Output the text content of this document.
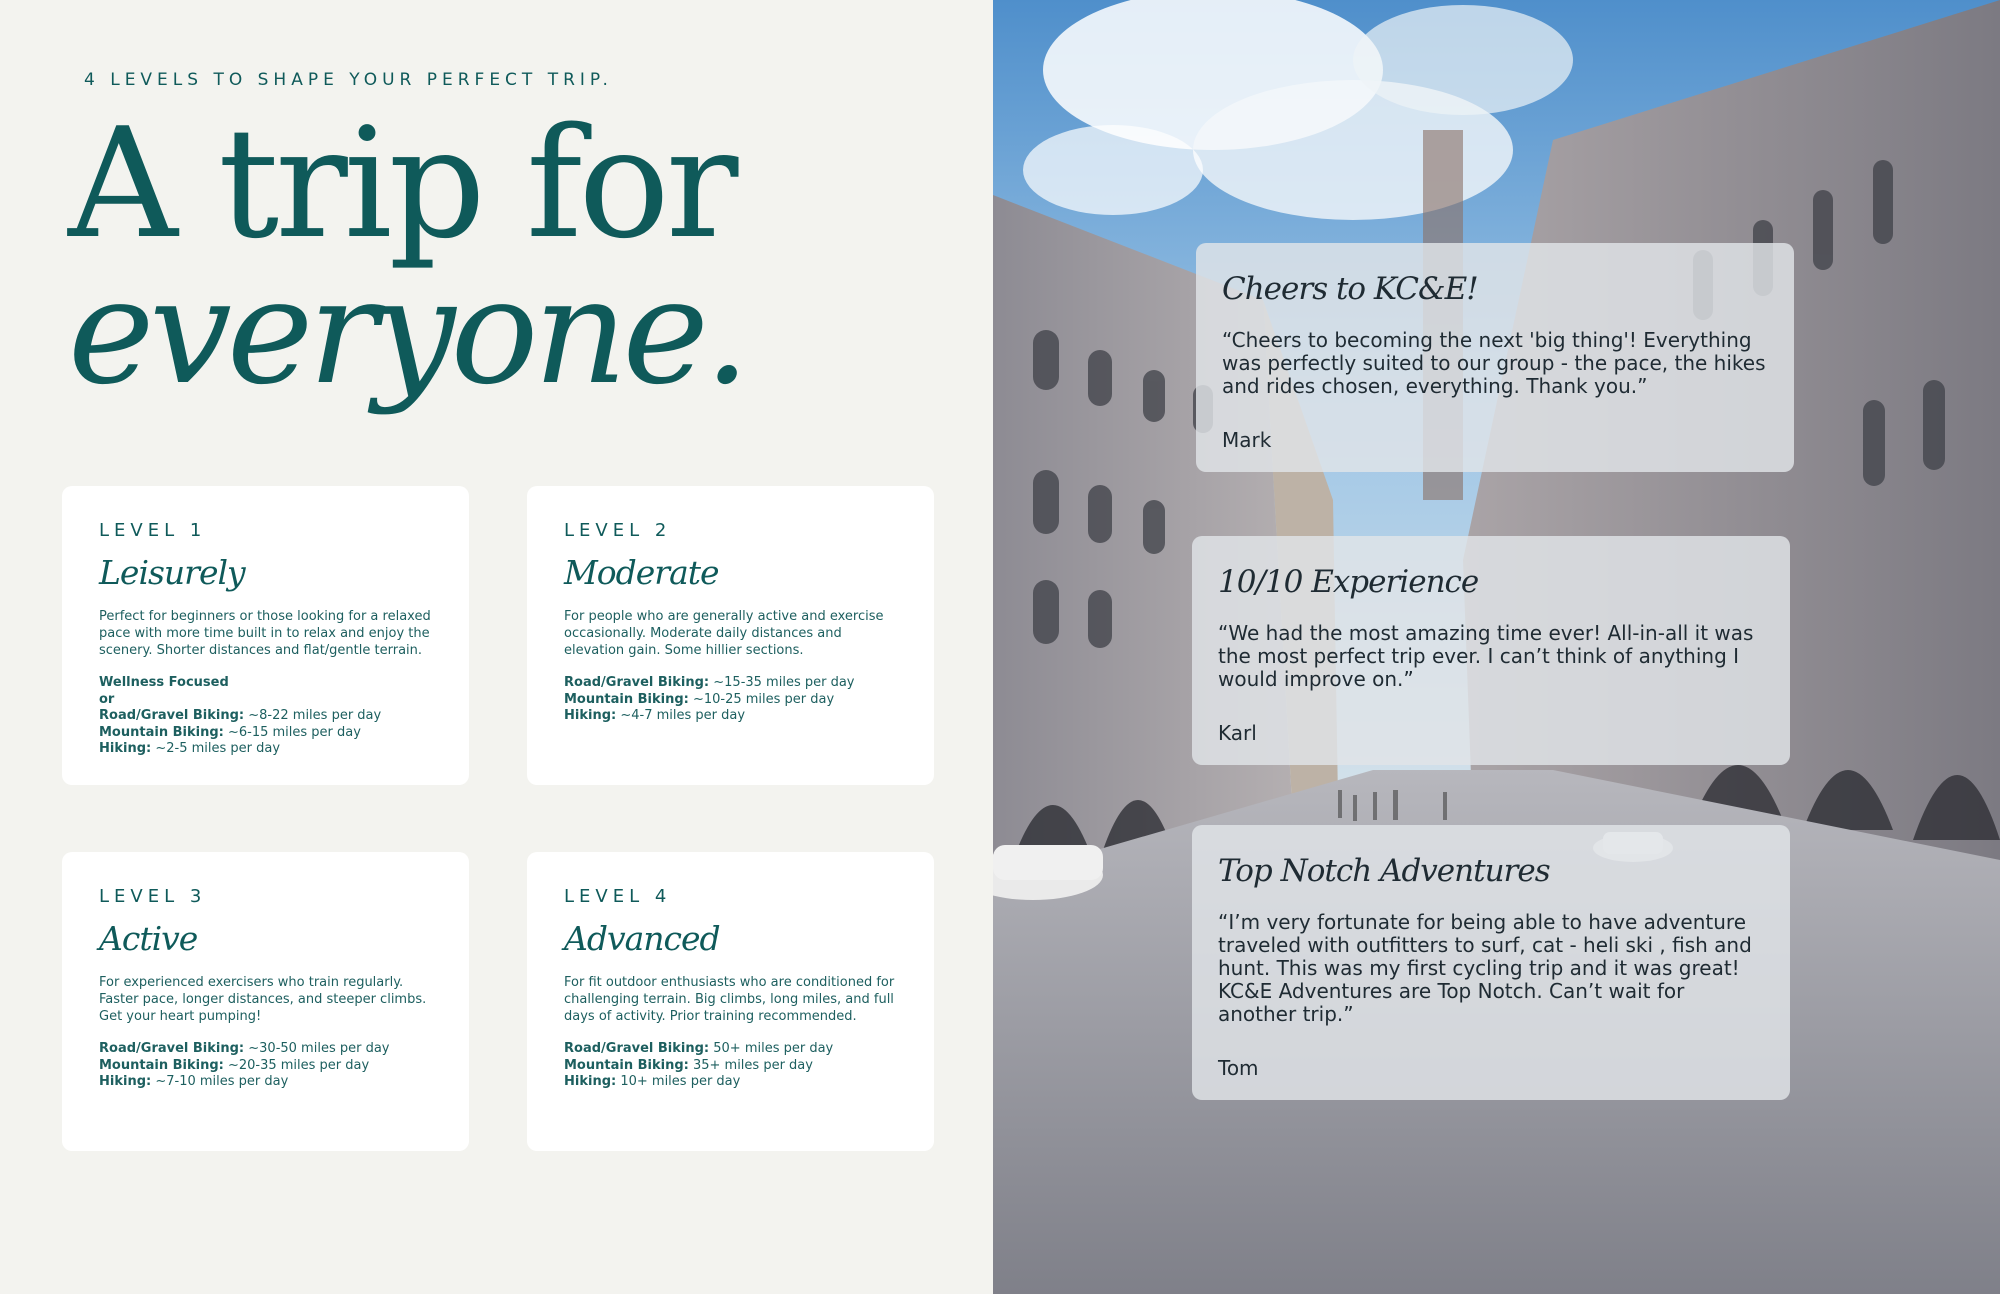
4 LEVELS TO SHAPE YOUR PERFECT TRIP.
A trip for
everyone.
LEVEL 1
Leisurely
Perfect for beginners or those looking for a relaxed pace with more time built in to relax and enjoy the scenery. Shorter distances and flat/gentle terrain.
Wellness Focused
or
Road/Gravel Biking: ~8-22 miles per day
Mountain Biking: ~6-15 miles per day
Hiking: ~2-5 miles per day
LEVEL 2
Moderate
For people who are generally active and exercise occasionally. Moderate daily distances and elevation gain. Some hillier sections.
Road/Gravel Biking: ~15-35 miles per day
Mountain Biking: ~10-25 miles per day
Hiking: ~4-7 miles per day
LEVEL 3
Active
For experienced exercisers who train regularly. Faster pace, longer distances, and steeper climbs. Get your heart pumping!
Road/Gravel Biking: ~30-50 miles per day
Mountain Biking: ~20-35 miles per day
Hiking: ~7-10 miles per day
LEVEL 4
Advanced
For fit outdoor enthusiasts who are conditioned for challenging terrain. Big climbs, long miles, and full days of activity. Prior training recommended.
Road/Gravel Biking: 50+ miles per day
Mountain Biking: 35+ miles per day
Hiking: 10+ miles per day
Cheers to KC&E!
“Cheers to becoming the next 'big thing'! Everything was perfectly suited to our group - the pace, the hikes and rides chosen, everything. Thank you.”
Mark
10/10 Experience
“We had the most amazing time ever! All-in-all it was the most perfect trip ever. I can’t think of anything I would improve on.”
Karl
Top Notch Adventures
“I’m very fortunate for being able to have adventure traveled with outfitters to surf, cat - heli ski , fish and hunt. This was my first cycling trip and it was great! KC&E Adventures are Top Notch. Can’t wait for another trip.”
Tom
